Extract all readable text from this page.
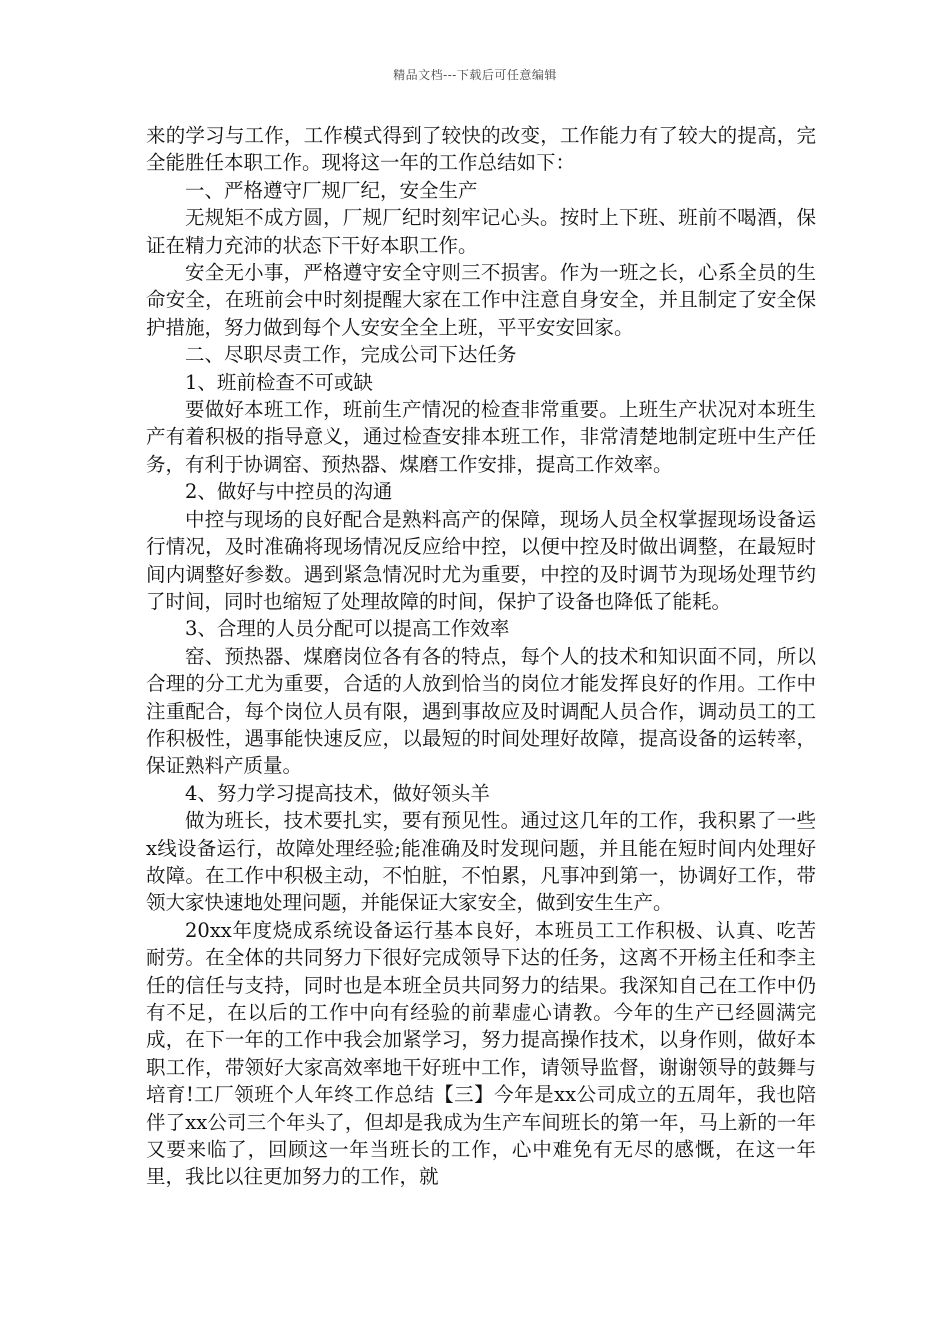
精品文档---下载后可任意编辑

来的学习与工作，工作模式得到了较快的改变，工作能力有了较大的提高，完全能胜任本职工作。现将这一年的工作总结如下：

一、严格遵守厂规厂纪，安全生产

无规矩不成方圆，厂规厂纪时刻牢记心头。按时上下班、班前不喝酒，保证在精力充沛的状态下干好本职工作。

安全无小事，严格遵守安全守则三不损害。作为一班之长，心系全员的生命安全，在班前会中时刻提醒大家在工作中注意自身安全，并且制定了安全保护措施，努力做到每个人安安全全上班，平平安安回家。

二、尽职尽责工作，完成公司下达任务

1、班前检查不可或缺

要做好本班工作，班前生产情况的检查非常重要。上班生产状况对本班生产有着积极的指导意义，通过检查安排本班工作，非常清楚地制定班中生产任务，有利于协调窑、预热器、煤磨工作安排，提高工作效率。

2、做好与中控员的沟通

中控与现场的良好配合是熟料高产的保障，现场人员全权掌握现场设备运行情况，及时准确将现场情况反应给中控，以便中控及时做出调整，在最短时间内调整好参数。遇到紧急情况时尤为重要，中控的及时调节为现场处理节约了时间，同时也缩短了处理故障的时间，保护了设备也降低了能耗。

3、合理的人员分配可以提高工作效率

窑、预热器、煤磨岗位各有各的特点，每个人的技术和知识面不同，所以合理的分工尤为重要，合适的人放到恰当的岗位才能发挥良好的作用。工作中注重配合，每个岗位人员有限，遇到事故应及时调配人员合作，调动员工的工作积极性，遇事能快速反应，以最短的时间处理好故障，提高设备的运转率，保证熟料产质量。

4、努力学习提高技术，做好领头羊

做为班长，技术要扎实，要有预见性。通过这几年的工作，我积累了一些x线设备运行，故障处理经验;能准确及时发现问题，并且能在短时间内处理好故障。在工作中积极主动，不怕脏，不怕累，凡事冲到第一，协调好工作，带领大家快速地处理问题，并能保证大家安全，做到安生生产。

20xx年度烧成系统设备运行基本良好，本班员工工作积极、认真、吃苦耐劳。在全体的共同努力下很好完成领导下达的任务，这离不开杨主任和李主任的信任与支持，同时也是本班全员共同努力的结果。我深知自己在工作中仍有不足，在以后的工作中向有经验的前辈虚心请教。今年的生产已经圆满完成，在下一年的工作中我会加紧学习，努力提高操作技术，以身作则，做好本职工作，带领好大家高效率地干好班中工作，请领导监督，谢谢领导的鼓舞与培育!工厂领班个人年终工作总结【三】今年是xx公司成立的五周年，我也陪伴了xx公司三个年头了，但却是我成为生产车间班长的第一年，马上新的一年又要来临了，回顾这一年当班长的工作，心中难免有无尽的感慨，在这一年里，我比以往更加努力的工作，就
